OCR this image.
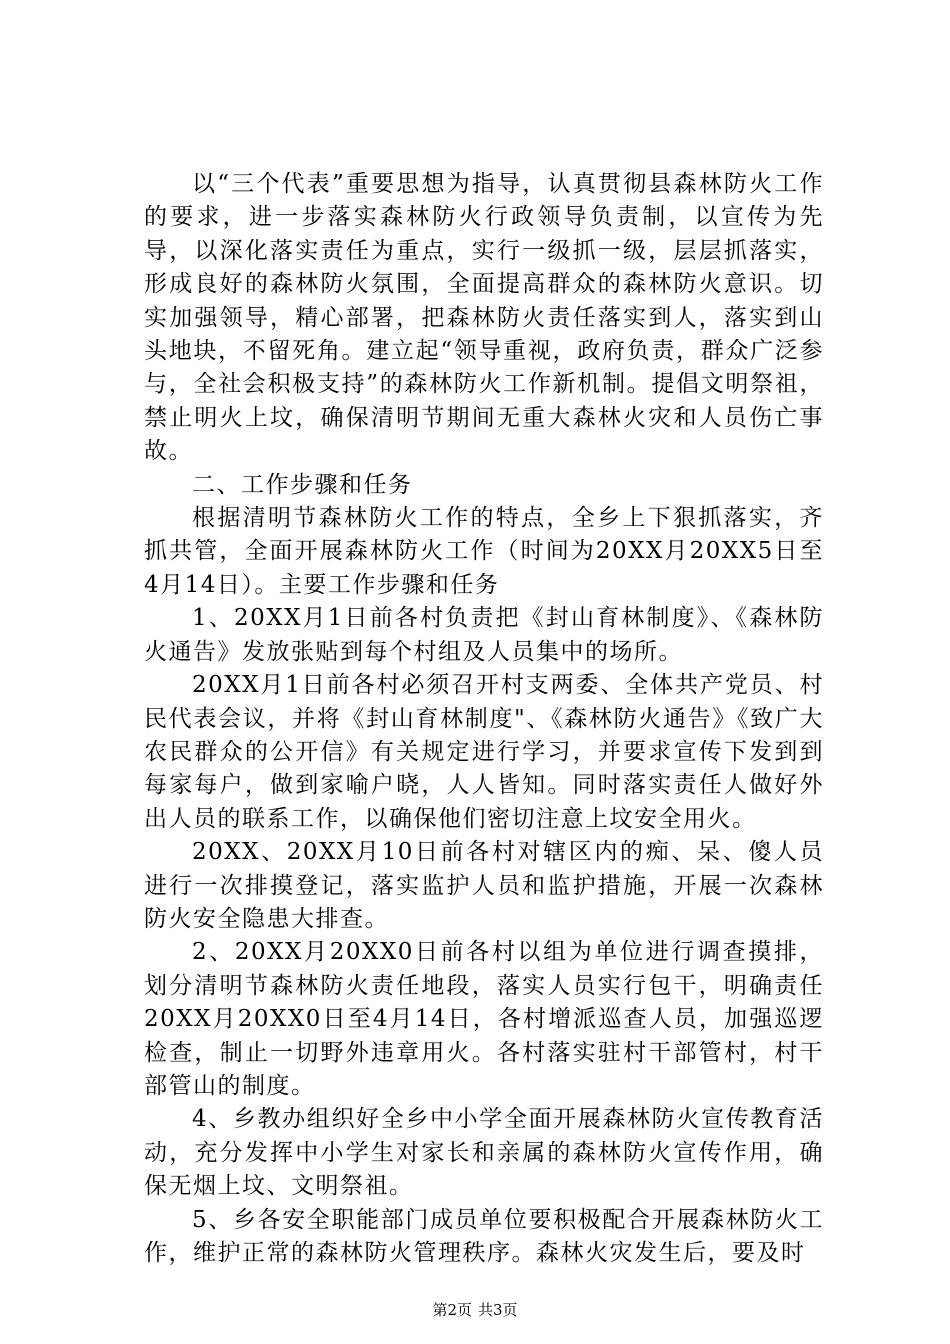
以“三个代表”重要思想为指导，认真贯彻县森林防火工作的要求，进一步落实森林防火行政领导负责制，以宣传为先导，以深化落实责任为重点，实行一级抓一级，层层抓落实，形成良好的森林防火氛围，全面提高群众的森林防火意识。切实加强领导，精心部署，把森林防火责任落实到人，落实到山头地块，不留死角。建立起“领导重视，政府负责，群众广泛参与，全社会积极支持”的森林防火工作新机制。提倡文明祭祖，禁止明火上坟，确保清明节期间无重大森林火灾和人员伤亡事故。

二、工作步骤和任务

根据清明节森林防火工作的特点，全乡上下狠抓落实，齐抓共管，全面开展森林防火工作（时间为20XX月20XX5日至4月14日）。主要工作步骤和任务

1、20XX月1日前各村负责把《封山育林制度》、《森林防火通告》发放张贴到每个村组及人员集中的场所。

20XX月1日前各村必须召开村支两委、全体共产党员、村民代表会议，并将《封山育林制度"、《森林防火通告》《致广大农民群众的公开信》有关规定进行学习，并要求宣传下发到到每家每户，做到家喻户晓，人人皆知。同时落实责任人做好外出人员的联系工作，以确保他们密切注意上坟安全用火。

20XX、20XX月10日前各村对辖区内的痴、呆、傻人员进行一次排摸登记，落实监护人员和监护措施，开展一次森林防火安全隐患大排查。

2、20XX月20XX0日前各村以组为单位进行调查摸排，划分清明节森林防火责任地段，落实人员实行包干，明确责任20XX月20XX0日至4月14日，各村增派巡查人员，加强巡逻检查，制止一切野外违章用火。各村落实驻村干部管村，村干部管山的制度。

4、乡教办组织好全乡中小学全面开展森林防火宣传教育活动，充分发挥中小学生对家长和亲属的森林防火宣传作用，确保无烟上坟、文明祭祖。

5、乡各安全职能部门成员单位要积极配合开展森林防火工作，维护正常的森林防火管理秩序。森林火灾发生后，要及时

第2页 共3页
